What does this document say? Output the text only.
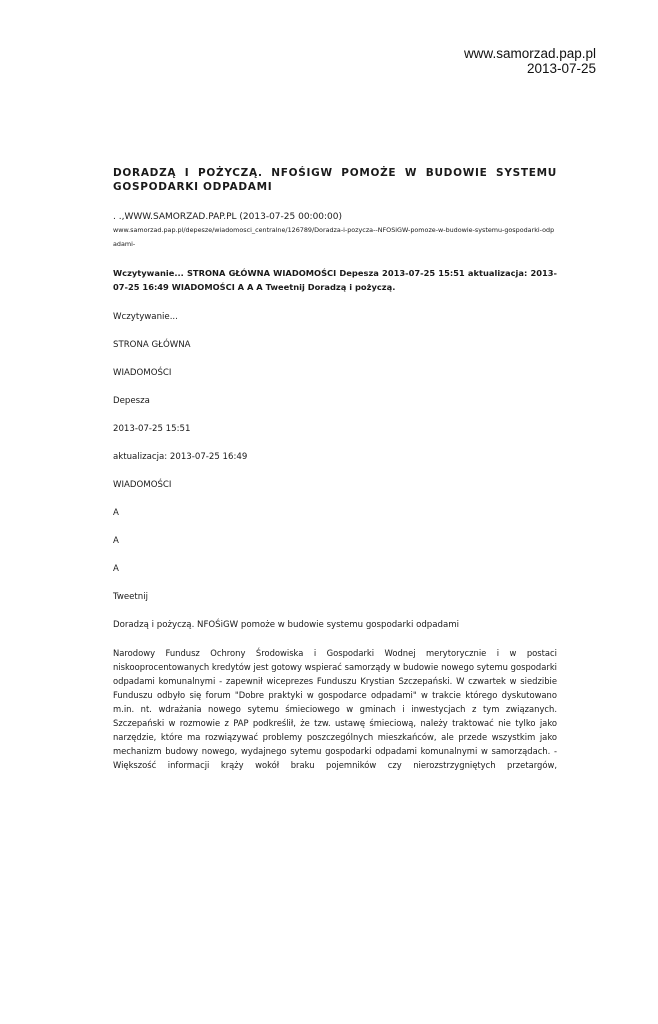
www.samorzad.pap.pl
2013-07-25
DORADZĄ I POŻYCZĄ. NFOŚIGW POMOŻE W BUDOWIE SYSTEMU GOSPODARKI ODPADAMI
. .,WWW.SAMORZAD.PAP.PL (2013-07-25 00:00:00)
www.samorzad.pap.pl/depesze/wiadomosci_centralne/126789/Doradza-i-pozycza--NFOSiGW-pomoze-w-budowie-systemu-gospodarki-odpadami-
Wczytywanie... STRONA GŁÓWNA WIADOMOŚCI Depesza 2013-07-25 15:51 aktualizacja: 2013-07-25 16:49 WIADOMOŚCI A A A Tweetnij Doradzą i pożyczą.
Wczytywanie...
STRONA GŁÓWNA
WIADOMOŚCI
Depesza
2013-07-25 15:51
aktualizacja: 2013-07-25 16:49
WIADOMOŚCI
A
A
A
Tweetnij
Doradzą i pożyczą. NFOŚiGW pomoże w budowie systemu gospodarki odpadami
Narodowy Fundusz Ochrony Środowiska i Gospodarki Wodnej merytorycznie i w postaci niskooprocentowanych kredytów jest gotowy wspierać samorządy w budowie nowego sytemu gospodarki odpadami komunalnymi - zapewnił wiceprezes Funduszu Krystian Szczepański. W czwartek w siedzibie Funduszu odbyło się forum "Dobre praktyki w gospodarce odpadami" w trakcie którego dyskutowano m.in. nt. wdrażania nowego sytemu śmieciowego w gminach i inwestycjach z tym związanych. Szczepański w rozmowie z PAP podkreślił, że tzw. ustawę śmieciową, należy traktować nie tylko jako narzędzie, które ma rozwiązywać problemy poszczególnych mieszkańców, ale przede wszystkim jako mechanizm budowy nowego, wydajnego sytemu gospodarki odpadami komunalnymi w samorządach. - Większość informacji krąży wokół braku pojemników czy nierozstrzygniętych przetargów,
